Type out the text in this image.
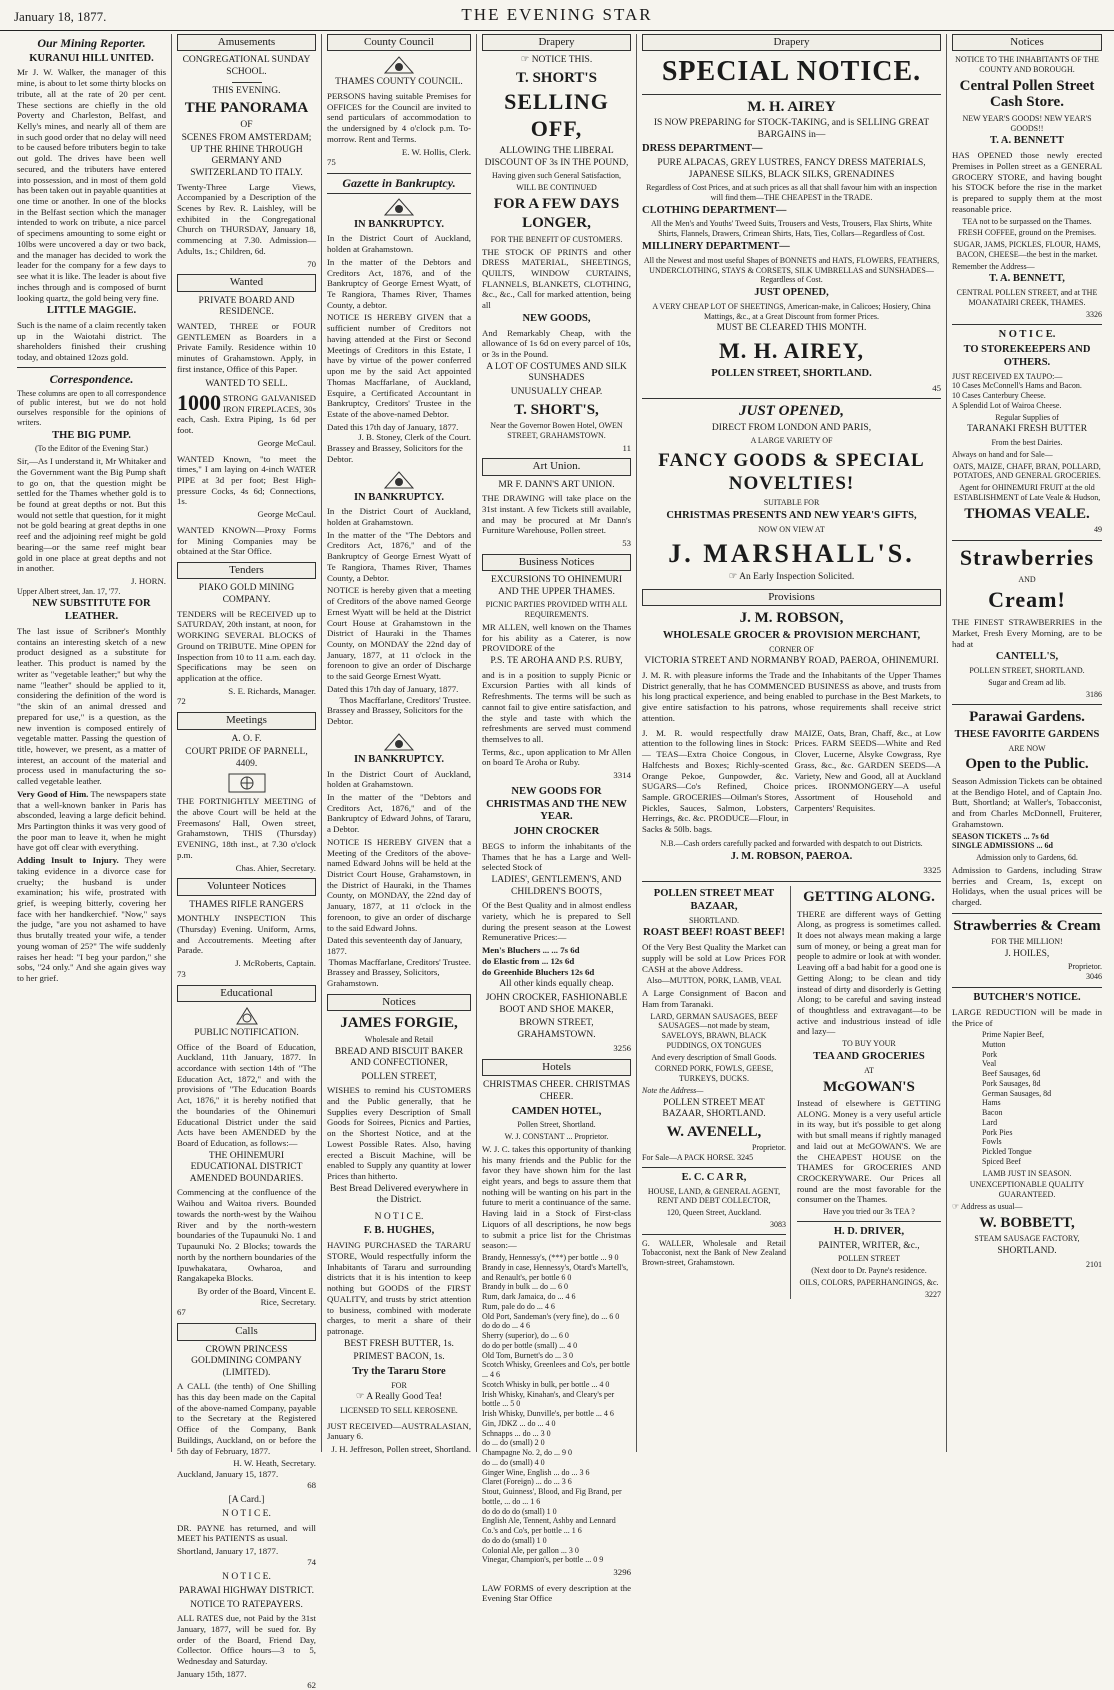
January 18, 1877.	THE EVENING STAR
Our Mining Reporter.
KURANUI HILL UNITED.
Mr J. W. Walker, the manager of this mine, is about to let some thirty blocks on tribute, all at the rate of 20 per cent. These sections are chiefly in the old Poverty and Charleston, Belfast, and Kelly's mines, and nearly all of them are in such good order that no delay will need to be caused before tributers begin to take out gold. The drives have been well secured, and the tributers have entered into possession, and in most of them gold has been taken out in payable quantities at one time or another. In one of the blocks in the Belfast section which the manager intended to work on tribute, a nice parcel of specimens amounting to some eight or 10lbs were uncovered a day or two back, and the manager has decided to work the leader for the company for a few days to see what it is like. The leader is about five inches through and is composed of burnt looking quartz, the gold being very fine.
LITTLE MAGGIE.
Such is the name of a claim recently taken up in the Waiotahi district. The shareholders finished their crushing today, and obtained 12ozs gold.
Correspondence.
These columns are open to all correspondence of public interest, but we do not hold ourselves responsible for the opinions of writers.
THE BIG PUMP.
(To the Editor of the Evening Star.)
Sir,—As I understand it, Mr Whitaker and the Government want the Big Pump shaft to go on, that the question might be settled for the Thames whether gold is to be found at great depths or not. But this would not settle that question, for it might not be gold bearing at great depths in one reef and the adjoining reef might be gold bearing—or the same reef might bear gold in one place at great depths and not in another.
J. HORN.
Upper Albert street, Jan. 17, '77.
NEW SUBSTITUTE FOR LEATHER.
The last issue of Scribner's Monthly contains an interesting sketch of a new product designed as a substitute for leather. This product is named by the writer as "vegetable leather;" but why the name "leather" should be applied to it, considering the definition of the word is "the skin of an animal dressed and prepared for use," is a question, as the new invention is composed entirely of vegetable matter. Passing the question of title, however, we present, as a matter of interest, an account of the material and process used in manufacturing the so-called vegetable leather.
Very Good of Him. The newspapers state that a well-known banker in Paris has absconded, leaving a large deficit behind. Mrs Partington thinks it was very good of the poor man to leave it, when he might have got off clear with everything.
Adding Insult to Injury. They were taking evidence in a divorce case for cruelty; the husband is under examination; his wife, prostrated with grief, is weeping bitterly, covering her face with her handkerchief. "Now," says the judge, "are you not ashamed to have thus brutally treated your wife, a tender young woman of 25?" The wife suddenly raises her head: "I beg your pardon," she sobs, "24 only." And she again gives way to her grief.
Amusements
CONGREGATIONAL SUNDAY SCHOOL.
THIS EVENING.
THE PANORAMA
OF
SCENES FROM AMSTERDAM; UP THE RHINE THROUGH GERMANY AND SWITZERLAND TO ITALY.
Twenty-Three Large Views, Accompanied by a Description of the Scenes by Rev. R. Laishley, will be exhibited in the Congregational Church on THURSDAY, January 18, commencing at 7.30. Admission—Adults, 1s.; Children, 6d.
70
Wanted
PRIVATE BOARD AND RESIDENCE.
WANTED, THREE or FOUR GENTLEMEN as Boarders in a Private Family. Residence within 10 minutes of Grahamstown. Apply, in first instance, Office of this Paper.
WANTED TO SELL.
1000 STRONG GALVANISED IRON FIREPLACES, 30s each, Cash. Extra Piping, 1s 6d per foot.
George McCaul.
WANTED Known, "to meet the times," I am laying on 4-inch WATER PIPE at 3d per foot; Best High-pressure Cocks, 4s 6d; Connections, 1s.
George McCaul.
WANTED KNOWN—Proxy Forms for Mining Companies may be obtained at the Star Office.
Tenders
PIAKO GOLD MINING COMPANY.
TENDERS will be RECEIVED up to SATURDAY, 20th instant, at noon, for WORKING SEVERAL BLOCKS of Ground on TRIBUTE. Mine OPEN for Inspection from 10 to 11 a.m. each day. Specifications may be seen on application at the office.
S. E. Richards, Manager.
72
Meetings
A. O. F.
COURT PRIDE OF PARNELL, 4409.
THE FORTNIGHTLY MEETING of the above Court will be held at the Freemasons' Hall, Owen street, Grahamstown, THIS (Thursday) EVENING, 18th inst., at 7.30 o'clock p.m.
Chas. Ahier, Secretary.
Volunteer Notices
THAMES RIFLE RANGERS
MONTHLY INSPECTION This (Thursday) Evening. Uniform, Arms, and Accoutrements. Meeting after Parade.
J. McRoberts, Captain.
73
Educational
PUBLIC NOTIFICATION.
Office of the Board of Education, Auckland, 11th January, 1877. In accordance with section 14th of "The Education Act, 1872," and with the provisions of "The Education Boards Act, 1876," it is hereby notified that the boundaries of the Ohinemuri Educational District under the said Acts have been AMENDED by the Board of Education, as follows:—
THE OHINEMURI EDUCATIONAL DISTRICT AMENDED BOUNDARIES.
Commencing at the confluence of the Waihou and Waitoa rivers. Bounded towards the north-west by the Waihou River and by the north-western boundaries of the Tupaunuki No. 1 and Tupaunuki No. 2 Blocks; towards the north by the northern boundaries of the Ipuwhakatara, Owharoa, and Rangakapeka Blocks.
By order of the Board, Vincent E. Rice, Secretary.
67
Calls
CROWN PRINCESS GOLDMINING COMPANY (LIMITED).
A CALL (the tenth) of One Shilling has this day been made on the Capital of the above-named Company, payable to the Secretary at the Registered Office of the Company, Bank Buildings, Auckland, on or before the 5th day of February, 1877.
H. W. Heath, Secretary.
Auckland, January 15, 1877.
68
[A Card.]
N O T I C E.
DR. PAYNE has returned, and will MEET his PATIENTS as usual.
Shortland, January 17, 1877.
74
N O T I C E.
PARAWAI HIGHWAY DISTRICT.
NOTICE TO RATEPAYERS.
ALL RATES due, not Paid by the 31st January, 1877, will be sued for. By order of the Board, Friend Day, Collector. Office hours—3 to 5, Wednesday and Saturday.
January 15th, 1877.
62
County Council
THAMES COUNTY COUNCIL.
PERSONS having suitable Premises for OFFICES for the Council are invited to send particulars of accommodation to the undersigned by 4 o'clock p.m. To-morrow. Rent and Terms.
E. W. Hollis, Clerk.
75
Gazette in Bankruptcy.
IN BANKRUPTCY.
In the District Court of Auckland, holden at Grahamstown.
In the matter of the Debtors and Creditors Act, 1876, and of the Bankruptcy of George Ernest Wyatt, of Te Rangiora, Thames River, Thames County, a debtor.
NOTICE IS HEREBY GIVEN that a sufficient number of Creditors not having attended at the First or Second Meetings of Creditors in this Estate, I have by virtue of the power conferred upon me by the said Act appointed Thomas Macffarlane, of Auckland, Esquire, a Certificated Accountant in Bankruptcy, Creditors' Trustee in the Estate of the above-named Debtor.
Dated this 17th day of January, 1877.
J. B. Stoney, Clerk of the Court.
Brassey and Brassey, Solicitors for the Debtor.
IN BANKRUPTCY.
In the District Court of Auckland, holden at Grahamstown.
In the matter of the "The Debtors and Creditors Act, 1876," and of the Bankruptcy of George Ernest Wyatt of Te Rangiora, Thames River, Thames County, a Debtor.
NOTICE is hereby given that a meeting of Creditors of the above named George Ernest Wyatt will be held at the District Court House at Grahamstown in the District of Hauraki in the Thames County, on MONDAY the 22nd day of January, 1877, at 11 o'clock in the forenoon to give an order of Discharge to the said George Ernest Wyatt.
Dated this 17th day of January, 1877.
Thos Macffarlane, Creditors' Trustee.
Brassey and Brassey, Solicitors for the Debtor.
IN BANKRUPTCY.
In the District Court of Auckland, holden at Grahamstown.
In the matter of the "Debtors and Creditors Act, 1876," and of the Bankruptcy of Edward Johns, of Tararu, a Debtor.
NOTICE IS HEREBY GIVEN that a Meeting of the Creditors of the above-named Edward Johns will be held at the District Court House, Grahamstown, in the District of Hauraki, in the Thames County, on MONDAY, the 22nd day of January, 1877, at 11 o'clock in the forenoon, to give an order of discharge to the said Edward Johns.
Dated this seventeenth day of January, 1877.
Thomas Macffarlane, Creditors' Trustee.
Brassey and Brassey, Solicitors, Grahamstown.
Notices
JAMES FORGIE,
Wholesale and Retail
BREAD AND BISCUIT BAKER AND CONFECTIONER,
POLLEN STREET,
WISHES to remind his CUSTOMERS and the Public generally, that he Supplies every Description of Small Goods for Soirees, Picnics and Parties, on the Shortest Notice, and at the Lowest Possible Rates. Also, having erected a Biscuit Machine, will be enabled to Supply any quantity at lower Prices than hitherto.
Best Bread Delivered everywhere in the District.
N O T I C E.
F. B. HUGHES,
HAVING PURCHASED the TARARU STORE, Would respectfully inform the Inhabitants of Tararu and surrounding districts that it is his intention to keep nothing but GOODS of the FIRST QUALITY, and trusts by strict attention to business, combined with moderate charges, to merit a share of their patronage.
BEST FRESH BUTTER, 1s.
PRIMEST BACON, 1s.
Try the Tararu Store
FOR
☞ A Really Good Tea!
LICENSED TO SELL KEROSENE.
JUST RECEIVED—AUSTRALASIAN, January 6.
J. H. Jeffreson, Pollen street, Shortland.
Drapery
☞ NOTICE THIS.
T. SHORT'S
SELLING OFF,
ALLOWING THE LIBERAL DISCOUNT OF 3s IN THE POUND,
Having given such General Satisfaction,
WILL BE CONTINUED
FOR A FEW DAYS
LONGER,
FOR THE BENEFIT OF CUSTOMERS.
THE STOCK OF PRINTS and other DRESS MATERIAL, SHEETINGS, QUILTS, WINDOW CURTAINS, FLANNELS, BLANKETS, CLOTHING, &c., &c., Call for marked attention, being all
NEW GOODS,
And Remarkably Cheap, with the allowance of 1s 6d on every parcel of 10s, or 3s in the Pound.
A LOT OF COSTUMES AND SILK SUNSHADES
UNUSUALLY CHEAP.
T. SHORT'S,
Near the Governor Bowen Hotel, OWEN STREET, GRAHAMSTOWN.
11
Art Union.
MR F. DANN'S ART UNION.
THE DRAWING will take place on the 31st instant. A few Tickets still available, and may be procured at Mr Dann's Furniture Warehouse, Pollen street.
53
Business Notices
EXCURSIONS TO OHINEMURI AND THE UPPER THAMES.
PICNIC PARTIES PROVIDED WITH ALL REQUIREMENTS.
MR ALLEN, well known on the Thames for his ability as a Caterer, is now PROVIDORE of the
P.S. TE AROHA AND P.S. RUBY,
and is in a position to supply Picnic or Excursion Parties with all kinds of Refreshments. The terms will be such as cannot fail to give entire satisfaction, and the style and taste with which the refreshments are served must commend themselves to all.
Terms, &c., upon application to Mr Allen on board Te Aroha or Ruby.
3314
NEW GOODS FOR CHRISTMAS AND THE NEW YEAR.
JOHN CROCKER
BEGS to inform the inhabitants of the Thames that he has a Large and Well-selected Stock of
LADIES', GENTLEMEN'S, AND CHILDREN'S BOOTS,
Of the Best Quality and in almost endless variety, which he is prepared to Sell during the present season at the Lowest Remunerative Prices:—
Men's Bluchers ... ... 7s 6d
do Elastic from ... 12s 6d
do Greenhide Bluchers 12s 6d
All other kinds equally cheap.
JOHN CROCKER, FASHIONABLE BOOT AND SHOE MAKER,
BROWN STREET, GRAHAMSTOWN.
3256
Hotels
CHRISTMAS CHEER. CHRISTMAS CHEER.
CAMDEN HOTEL,
Pollen Street, Shortland.
W. J. CONSTANT ... Proprietor.
W. J. C. takes this opportunity of thanking his many friends and the Public for the favor they have shown him for the last eight years, and begs to assure them that nothing will be wanting on his part in the future to merit a continuance of the same. Having laid in a Stock of First-class Liquors of all descriptions, he now begs to submit a price list for the Christmas season:—
Brandy, Hennessy's, (***) per bottle ... 9 0
Brandy in case, Hennessy's, Otard's Martell's, and Renault's, per bottle 6 0
Brandy in bulk ... do ... 6 0
Rum, dark Jamaica, do ... 4 6
Rum, pale do do ... 4 6
Old Port, Sandeman's (very fine), do ... 6 0
do do do ... 4 6
Sherry (superior), do ... 6 0
do do per bottle (small) ... 4 0
Old Tom, Burnett's do ... 3 0
Scotch Whisky, Greenlees and Co's, per bottle ... 4 6
Scotch Whisky in bulk, per bottle ... 4 0
Irish Whisky, Kinahan's, and Cleary's per bottle ... 5 0
Irish Whisky, Dunville's, per bottle ... 4 6
Gin, JDKZ ... do ... 4 0
Schnapps ... do ... 3 0
do ... do (small) 2 0
Champagne No. 2, do ... 9 0
do ... do (small) 4 0
Ginger Wine, English ... do ... 3 6
Claret (Foreign) ... do ... 3 6
Stout, Guinness', Blood, and Fig Brand, per bottle, ... do ... 1 6
do do do do (small) 1 0
English Ale, Tennent, Ashby and Lennard Co.'s and Co's, per bottle ... 1 6
do do do (small) 1 0
Colonial Ale, per gallon ... 3 0
Vinegar, Champion's, per bottle ... 0 9
3296
LAW FORMS of every description at the Evening Star Office
Drapery
SPECIAL NOTICE.
M. H. AIREY
IS NOW PREPARING for STOCK-TAKING, and is SELLING GREAT BARGAINS in—
DRESS DEPARTMENT—
PURE ALPACAS, GREY LUSTRES, FANCY DRESS MATERIALS, JAPANESE SILKS, BLACK SILKS, GRENADINES
Regardless of Cost Prices, and at such prices as all that shall favour him with an inspection will find them—THE CHEAPEST in the TRADE.
CLOTHING DEPARTMENT—
All the Men's and Youths' Tweed Suits, Trousers and Vests, Trousers, Flax Shirts, White Shirts, Flannels, Drawers, Crimean Shirts, Hats, Ties, Collars—Regardless of Cost.
MILLINERY DEPARTMENT—
All the Newest and most useful Shapes of BONNETS and HATS, FLOWERS, FEATHERS, UNDERCLOTHING, STAYS & CORSETS, SILK UMBRELLAS and SUNSHADES—Regardless of Cost.
JUST OPENED,
A VERY CHEAP LOT OF SHEETINGS, American-make, in Calicoes; Hosiery, China Mattings, &c., at a Great Discount from former Prices.
MUST BE CLEARED THIS MONTH.
M. H. AIREY,
POLLEN STREET, SHORTLAND.
45
JUST OPENED,
DIRECT FROM LONDON AND PARIS,
A LARGE VARIETY OF
FANCY GOODS & SPECIAL NOVELTIES!
SUITABLE FOR
CHRISTMAS PRESENTS AND NEW YEAR'S GIFTS,
NOW ON VIEW AT
J. MARSHALL'S.
☞ An Early Inspection Solicited.
Provisions
J. M. ROBSON,
WHOLESALE GROCER & PROVISION MERCHANT,
CORNER OF
VICTORIA STREET AND NORMANBY ROAD, PAEROA, OHINEMURI.
J. M. R. with pleasure informs the Trade and the Inhabitants of the Upper Thames District generally, that he has COMMENCED BUSINESS as above, and trusts from his long practical experience, and being enabled to purchase in the Best Markets, to give entire satisfaction to his patrons, whose requirements shall receive strict attention.
J. M. R. would respectfully draw attention to the following lines in Stock:— TEAS—Extra Choice Congous, in Halfchests and Boxes; Richly-scented Orange Pekoe, Gunpowder, &c. SUGARS—Co's Refined, Choice Sample. GROCERIES—Oilman's Stores, Pickles, Sauces, Salmon, Lobsters, Herrings, &c. &c. PRODUCE—Flour, in Sacks & 50lb. bags.
MAIZE, Oats, Bran, Chaff, &c., at Low Prices. FARM SEEDS—White and Red Clover, Lucerne, Alsyke Cowgrass, Rye Grass, &c., &c. GARDEN SEEDS—A Variety, New and Good, all at Auckland prices. IRONMONGERY—A useful Assortment of Household and Carpenters' Requisites.
N.B.—Cash orders carefully packed and forwarded with despatch to out Districts.
J. M. ROBSON, PAEROA.
3325
POLLEN STREET MEAT BAZAAR,
SHORTLAND.
ROAST BEEF! ROAST BEEF!
Of the Very Best Quality the Market can supply will be sold at Low Prices FOR CASH at the above Address.
Also—MUTTON, PORK, LAMB, VEAL
A Large Consignment of Bacon and Ham from Taranaki.
LARD, GERMAN SAUSAGES, BEEF SAUSAGES—not made by steam, SAVELOYS, BRAWN, BLACK PUDDINGS, OX TONGUES
And every description of Small Goods.
CORNED PORK, FOWLS, GEESE, TURKEYS, DUCKS.
Note the Address—
POLLEN STREET MEAT BAZAAR, SHORTLAND.
W. AVENELL,
Proprietor.
For Sale—A PACK HORSE. 3245
E. C. C A R R,
HOUSE, LAND, & GENERAL AGENT, RENT AND DEBT COLLECTOR,
120, Queen Street, Auckland.
3083
G. WALLER, Wholesale and Retail Tobacconist, next the Bank of New Zealand Brown-street, Grahamstown.
GETTING ALONG.
THERE are different ways of Getting Along, as progress is sometimes called. It does not always mean making a large sum of money, or being a great man for people to admire or look at with wonder. Leaving off a bad habit for a good one is Getting Along; to be clean and tidy instead of dirty and disorderly is Getting Along; to be careful and saving instead of thoughtless and extravagant—to be active and industrious instead of idle and lazy—
TO BUY YOUR
TEA AND GROCERIES
AT
McGOWAN'S
Instead of elsewhere is GETTING ALONG. Money is a very useful article in its way, but it's possible to get along with but small means if rightly managed and laid out at McGOWAN'S. We are the CHEAPEST HOUSE on the THAMES for GROCERIES AND CROCKERYWARE. Our Prices all round are the most favorable for the consumer on the Thames.
Have you tried our 3s TEA ?
H. D. DRIVER,
PAINTER, WRITER, &c.,
POLLEN STREET
(Next door to Dr. Payne's residence.
OILS, COLORS, PAPERHANGINGS, &c.
3227
Notices
NOTICE TO THE INHABITANTS OF THE COUNTY AND BOROUGH.
Central Pollen Street Cash Store.
NEW YEAR'S GOODS! NEW YEAR'S GOODS!!
T. A. BENNETT
HAS OPENED those newly erected Premises in Pollen street as a GENERAL GROCERY STORE, and having bought his STOCK before the rise in the market is prepared to supply them at the most reasonable price.
TEA not to be surpassed on the Thames.
FRESH COFFEE, ground on the Premises.
SUGAR, JAMS, PICKLES, FLOUR, HAMS, BACON, CHEESE—the best in the market.
Remember the Address—
T. A. BENNETT,
CENTRAL POLLEN STREET, and at THE MOANATAIRI CREEK, THAMES.
3326
N O T I C E.
TO STOREKEEPERS AND OTHERS.
JUST RECEIVED EX TAUPO:—
10 Cases McConnell's Hams and Bacon.
10 Cases Canterbury Cheese.
A Splendid Lot of Wairoa Cheese.
Regular Supplies of
TARANAKI FRESH BUTTER
From the best Dairies.
Always on hand and for Sale—
OATS, MAIZE, CHAFF, BRAN, POLLARD, POTATOES, AND GENERAL GROCERIES.
Agent for OHINEMURI FRUIT at the old ESTABLISHMENT of Late Veale & Hudson,
THOMAS VEALE.
49
Strawberries
AND
Cream!
THE FINEST STRAWBERRIES in the Market, Fresh Every Morning, are to be had at
CANTELL'S,
POLLEN STREET, SHORTLAND.
Sugar and Cream ad lib.
3186
Parawai Gardens.
THESE FAVORITE GARDENS
ARE NOW
Open to the Public.
Season Admission Tickets can be obtained at the Bendigo Hotel, and of Captain Jno. Butt, Shortland; at Waller's, Tobacconist, and from Charles McDonnell, Fruiterer, Grahamstown.
SEASON TICKETS ... 7s 6d
SINGLE ADMISSIONS ... 6d
Admission only to Gardens, 6d.
Admission to Gardens, including Straw berries and Cream, 1s, except on Holidays, when the usual prices will be charged.
Strawberries & Cream
FOR THE MILLION!
J. HOILES,
Proprietor.
3046
BUTCHER'S NOTICE.
LARGE REDUCTION will be made in the Price of
Prime Napier Beef,
Mutton
Pork
Veal
Beef Sausages, 6d
Pork Sausages, 8d
German Sausages, 8d
Hams
Bacon
Lard
Pork Pies
Fowls
Pickled Tongue
Spiced Beef
LAMB JUST IN SEASON.
UNEXCEPTIONABLE QUALITY GUARANTEED.
☞ Address as usual—
W. BOBBETT,
STEAM SAUSAGE FACTORY,
SHORTLAND.
2101
